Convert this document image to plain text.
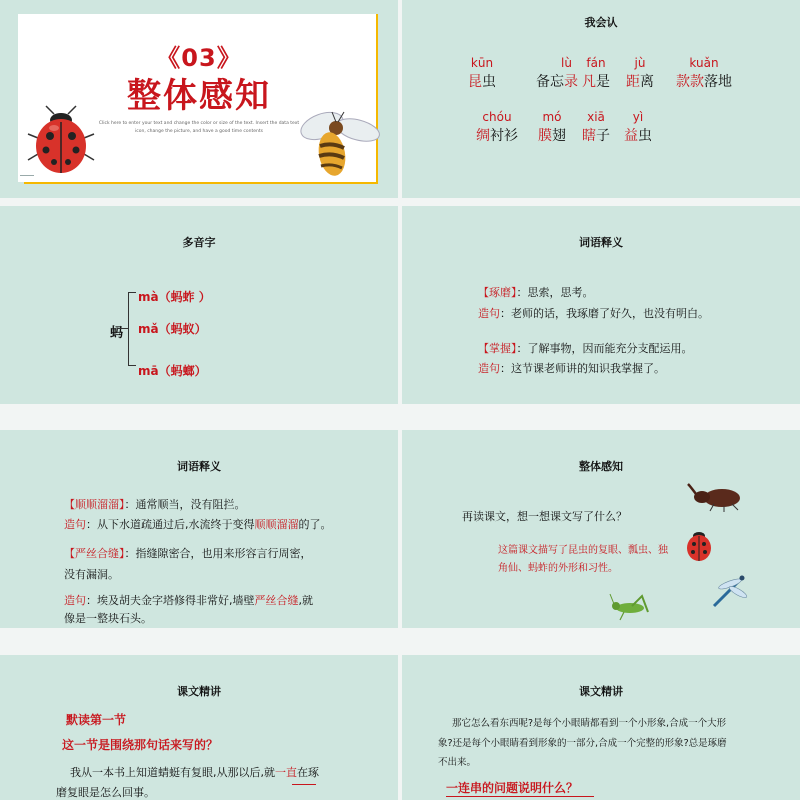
《03》
整体感知
Click here to enter your text and change the color or size of the text. Insert the data text icon, change the picture, and have a good time contents
我会认
kūn
昆虫
lù
备忘录
fán
凡是
jù
距离
kuǎn
款款落地
chóu
绸衬衫
mó
膜翅
xiā
瞎子
yì
益虫
多音字
蚂
mà（蚂蚱 ）
mǎ（蚂蚁）
mā（蚂螂）
词语释义
【琢磨】：思索，思考。
造句：老师的话，我琢磨了好久，也没有明白。
【掌握】：了解事物，因而能充分支配运用。
造句：这节课老师讲的知识我掌握了。
词语释义
【顺顺溜溜】：通常顺当，没有阻拦。
造句：从下水道疏通过后,水流终于变得顺顺溜溜的了。
【严丝合缝】：指缝隙密合，也用来形容言行周密，
没有漏洞。
造句：埃及胡夫金字塔修得非常好,墙壁严丝合缝,就
像是一整块石头。
整体感知
再读课文，想一想课文写了什么？
这篇课文描写了昆虫的复眼、瓢虫、独
角仙、蚂蚱的外形和习性。
课文精讲
默读第一节
这一节是围绕那句话来写的？
我从一本书上知道蜻蜓有复眼,从那以后,就一直在琢
磨复眼是怎么回事。
课文精讲
那它怎么看东西呢?是每个小眼睛都看到一个小形象,合成一个大形
象?还是每个小眼睛看到形象的一部分,合成一个完整的形象?总是琢磨
不出来。
一连串的问题说明什么？
